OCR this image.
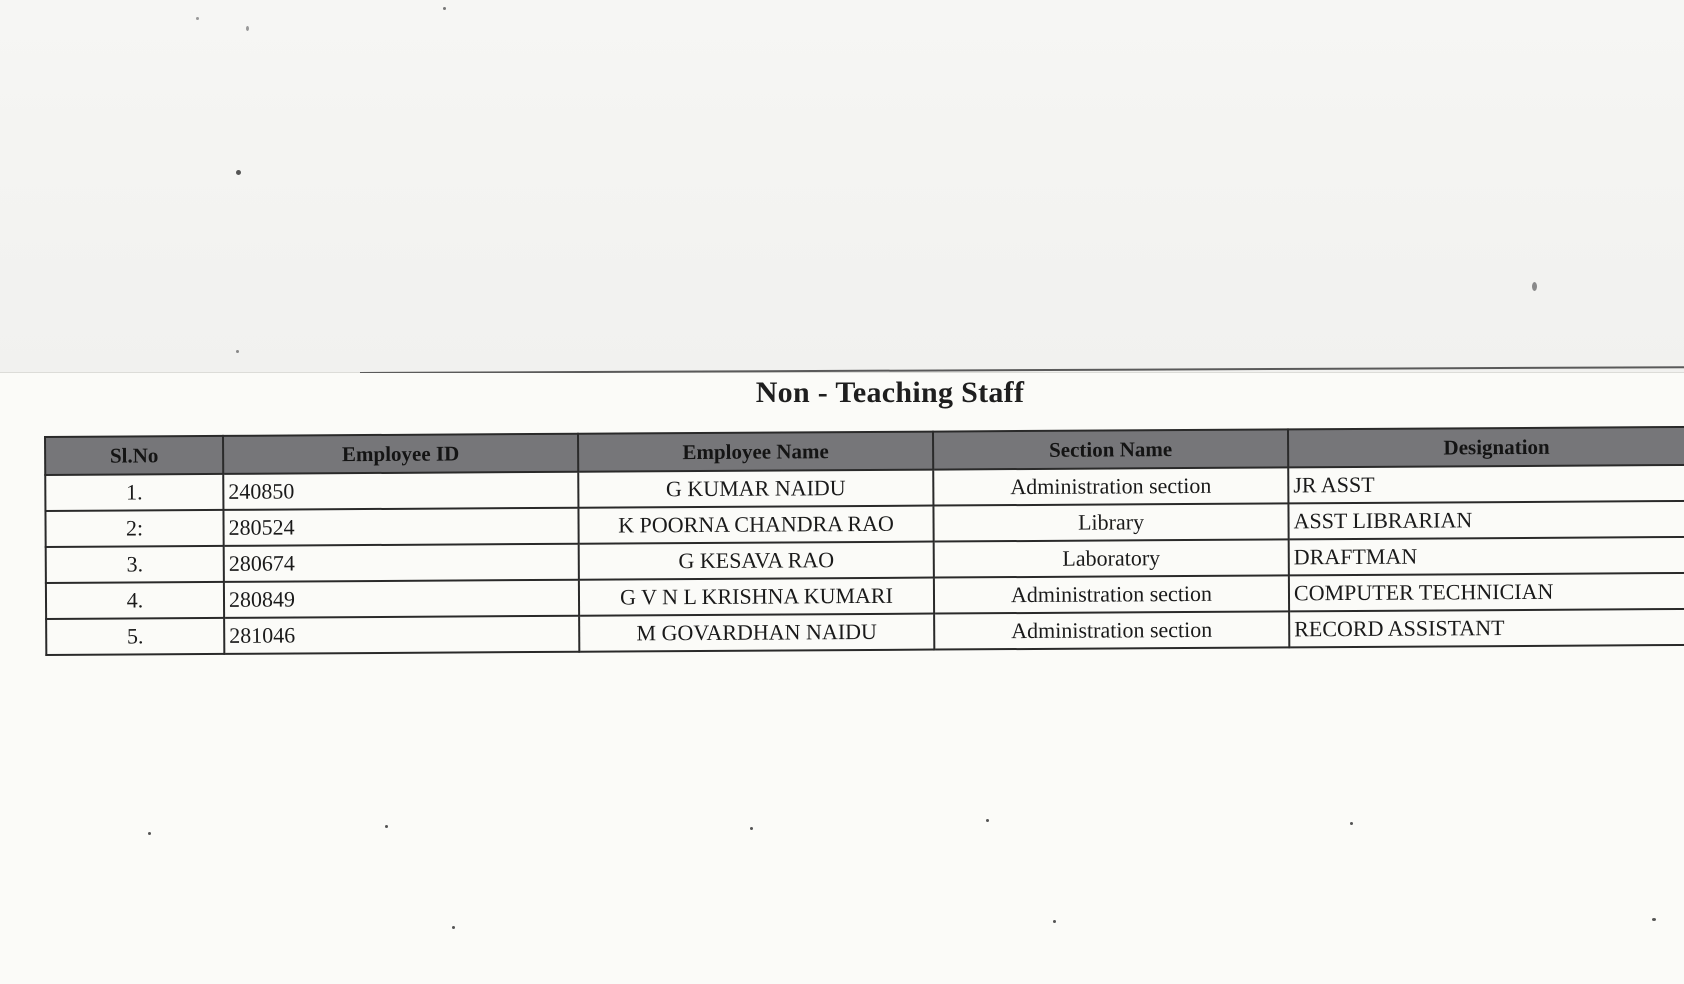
Non - Teaching Staff
Sl.No	Employee ID	Employee Name	Section Name	Designation
1.	240850	G KUMAR NAIDU	Administration section	JR ASST
2:	280524	K POORNA CHANDRA RAO	Library	ASST LIBRARIAN
3.	280674	G KESAVA RAO	Laboratory	DRAFTMAN
4.	280849	G V N L KRISHNA KUMARI	Administration section	COMPUTER TECHNICIAN
5.	281046	M GOVARDHAN NAIDU	Administration section	RECORD ASSISTANT
